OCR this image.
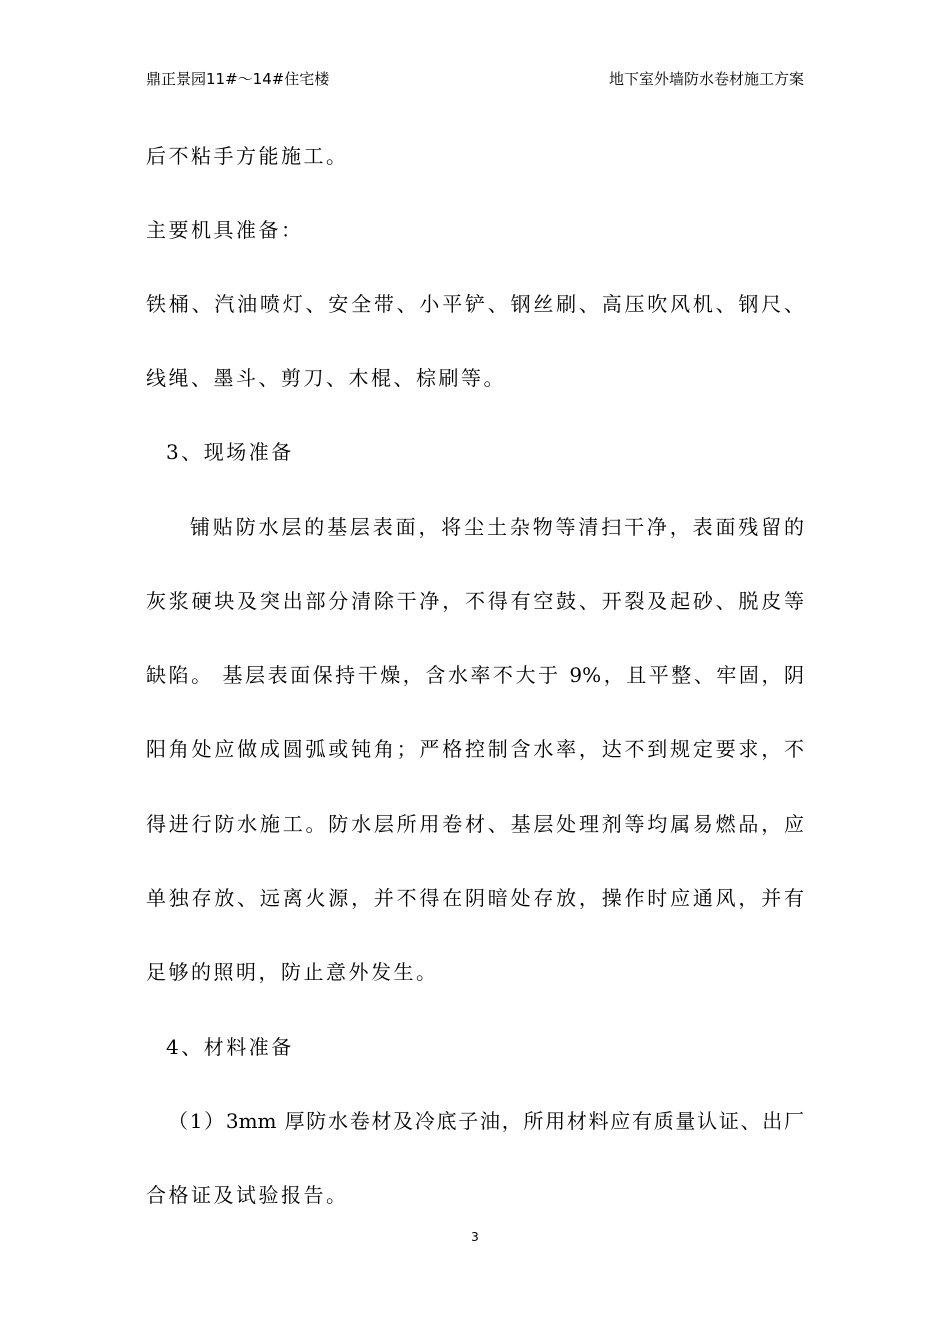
鼎正景园11#～14#住宅楼	地下室外墙防水卷材施工方案
后不粘手方能施工。
主要机具准备：
铁桶、汽油喷灯、安全带、小平铲、钢丝刷、高压吹风机、钢尺、
线绳、墨斗、剪刀、木棍、棕刷等。
3、现场准备
铺贴防水层的基层表面，将尘土杂物等清扫干净，表面残留的
灰浆硬块及突出部分清除干净，不得有空鼓、开裂及起砂、脱皮等
缺陷。 基层表面保持干燥，含水率不大于 9%，且平整、牢固，阴
阳角处应做成圆弧或钝角；严格控制含水率，达不到规定要求，不
得进行防水施工。防水层所用卷材、基层处理剂等均属易燃品，应
单独存放、远离火源，并不得在阴暗处存放，操作时应通风，并有
足够的照明，防止意外发生。
4、材料准备
（1）3mm 厚防水卷材及冷底子油，所用材料应有质量认证、出厂
合格证及试验报告。
3
